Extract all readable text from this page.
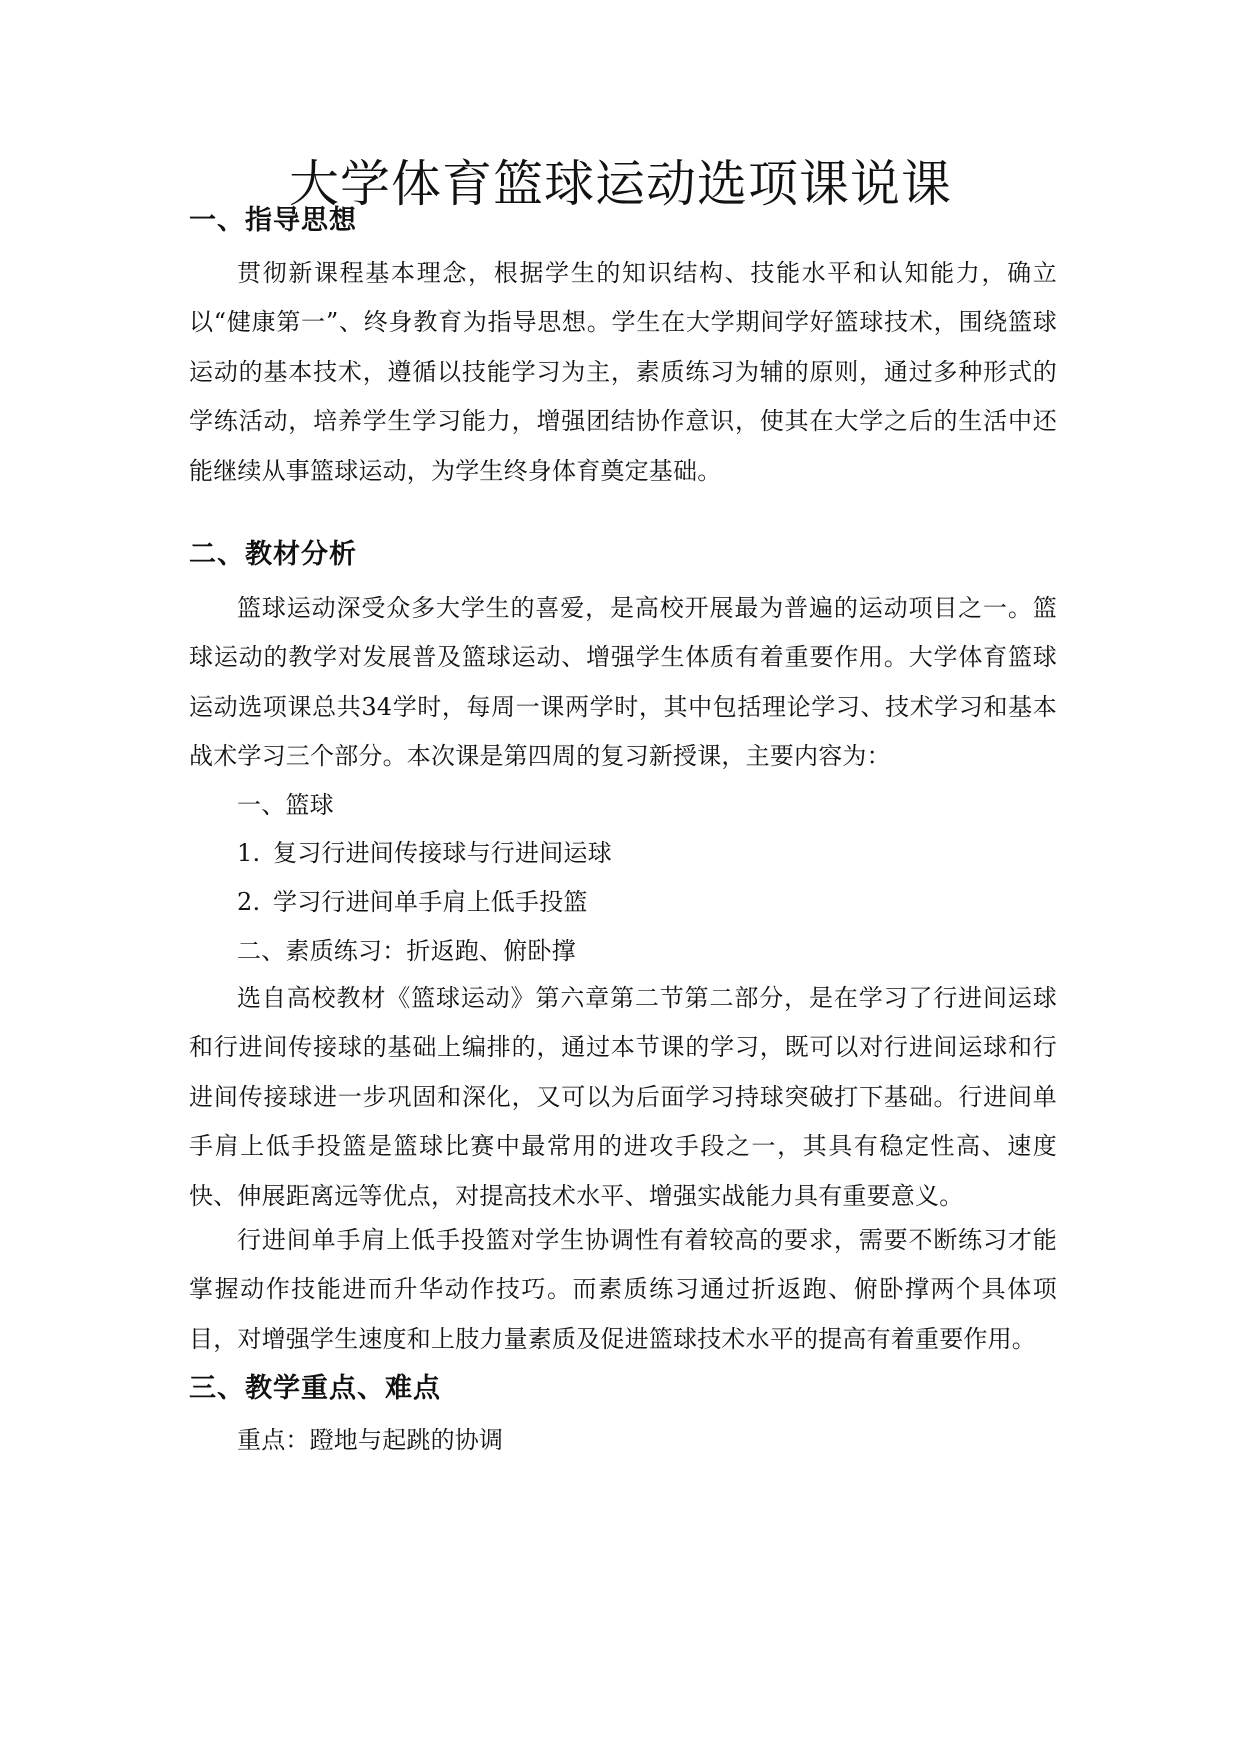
大学体育篮球运动选项课说课
一、指导思想
贯彻新课程基本理念，根据学生的知识结构、技能水平和认知能力，确立以“健康第一”、终身教育为指导思想。学生在大学期间学好篮球技术，围绕篮球运动的基本技术，遵循以技能学习为主，素质练习为辅的原则，通过多种形式的学练活动，培养学生学习能力，增强团结协作意识，使其在大学之后的生活中还能继续从事篮球运动，为学生终身体育奠定基础。
二、教材分析
篮球运动深受众多大学生的喜爱，是高校开展最为普遍的运动项目之一。篮球运动的教学对发展普及篮球运动、增强学生体质有着重要作用。大学体育篮球运动选项课总共34学时，每周一课两学时，其中包括理论学习、技术学习和基本战术学习三个部分。本次课是第四周的复习新授课，主要内容为：
一、篮球
1. 复习行进间传接球与行进间运球
2. 学习行进间单手肩上低手投篮
二、素质练习：折返跑、俯卧撑
选自高校教材《篮球运动》第六章第二节第二部分，是在学习了行进间运球和行进间传接球的基础上编排的，通过本节课的学习，既可以对行进间运球和行进间传接球进一步巩固和深化，又可以为后面学习持球突破打下基础。行进间单手肩上低手投篮是篮球比赛中最常用的进攻手段之一，其具有稳定性高、速度快、伸展距离远等优点，对提高技术水平、增强实战能力具有重要意义。
行进间单手肩上低手投篮对学生协调性有着较高的要求，需要不断练习才能掌握动作技能进而升华动作技巧。而素质练习通过折返跑、俯卧撑两个具体项目，对增强学生速度和上肢力量素质及促进篮球技术水平的提高有着重要作用。
三、教学重点、难点
重点：蹬地与起跳的协调
